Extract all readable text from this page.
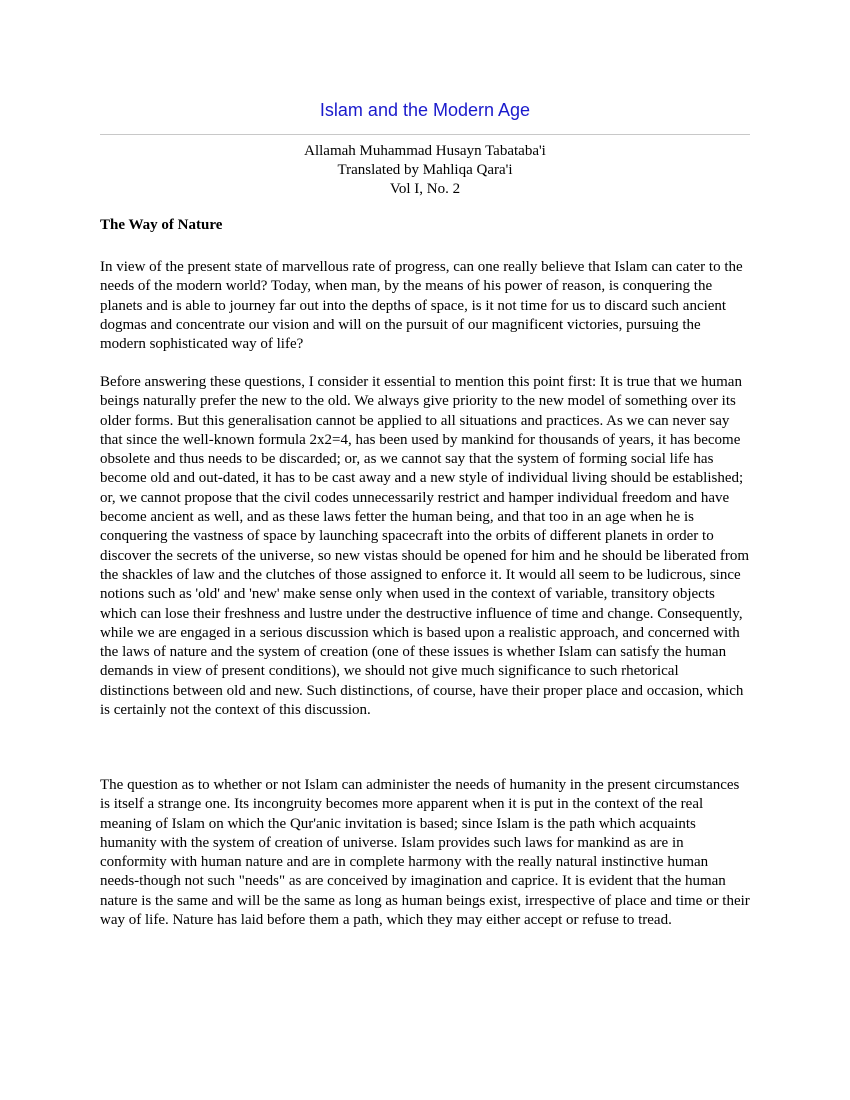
Islam and the Modern Age
Allamah Muhammad Husayn Tabataba'i
Translated by Mahliqa Qara'i
Vol I, No. 2
The Way of Nature

In view of the present state of marvellous rate of progress, can one really believe that Islam can cater to the needs of the modern world? Today, when man, by the means of his power of reason, is conquering the planets and is able to journey far out into the depths of space, is it not time for us to discard such ancient dogmas and concentrate our vision and will on the pursuit of our magnificent victories, pursuing the modern sophisticated way of life?

Before answering these questions, I consider it essential to mention this point first: It is true that we human beings naturally prefer the new to the old. We always give priority to the new model of something over its older forms. But this generalisation cannot be applied to all situations and practices. As we can never say that since the well-known formula 2x2=4, has been used by mankind for thousands of years, it has become obsolete and thus needs to be discarded; or, as we cannot say that the system of forming social life has become old and out-dated, it has to be cast away and a new style of individual living should be established; or, we cannot propose that the civil codes unnecessarily restrict and hamper individual freedom and have become ancient as well, and as these laws fetter the human being, and that too in an age when he is conquering the vastness of space by launching spacecraft into the orbits of different planets in order to discover the secrets of the universe, so new vistas should be opened for him and he should be liberated from the shackles of law and the clutches of those assigned to enforce it. It would all seem to be ludicrous, since notions such as 'old' and 'new' make sense only when used in the context of variable, transitory objects which can lose their freshness and lustre under the destructive influence of time and change. Consequently, while we are engaged in a serious discussion which is based upon a realistic approach, and concerned with the laws of nature and the system of creation (one of these issues is whether Islam can satisfy the human demands in view of present conditions), we should not give much significance to such rhetorical distinctions between old and new. Such distinctions, of course, have their proper place and occasion, which is certainly not the context of this discussion.

The question as to whether or not Islam can administer the needs of humanity in the present circumstances is itself a strange one. Its incongruity becomes more apparent when it is put in the context of the real meaning of Islam on which the Qur'anic invitation is based; since Islam is the path which acquaints humanity with the system of creation of universe. Islam provides such laws for mankind as are in conformity with human nature and are in complete harmony with the really natural instinctive human needs-though not such "needs" as are conceived by imagination and caprice. It is evident that the human nature is the same and will be the same as long as human beings exist, irrespective of place and time or their way of life. Nature has laid before them a path, which they may either accept or refuse to tread.
